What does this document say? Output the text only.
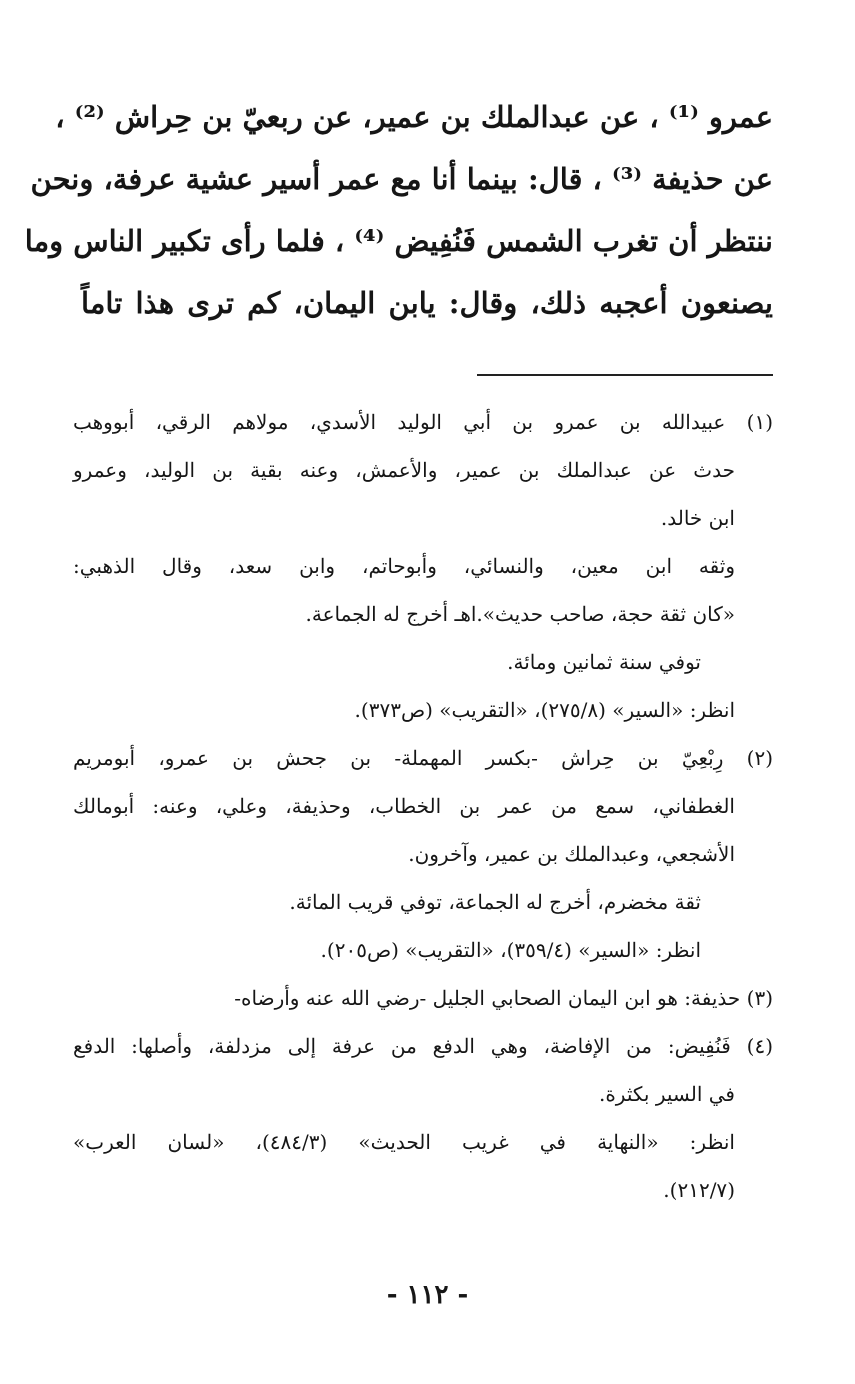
عمرو ⁽¹⁾ ، عن عبدالملك بن عمير، عن ربعيّ بن حِراش ⁽²⁾ ،
عن حذيفة ⁽³⁾ ، قال: بينما أنا مع عمر أسير عشية عرفة، ونحن
ننتظر أن تغرب الشمس فَنُفِيض ⁽⁴⁾ ، فلما رأى تكبير الناس وما
يصنعون أعجبه ذلك، وقال: يابن اليمان، كم ترى هذا تاماً
(١) عبيدالله بن عمرو بن أبي الوليد الأسدي، مولاهم الرقي، أبووهب
حدث عن عبدالملك بن عمير، والأعمش، وعنه بقية بن الوليد، وعمرو
ابن خالد.
وثقه ابن معين، والنسائي، وأبوحاتم، وابن سعد، وقال الذهبي:
«كان ثقة حجة، صاحب حديث».اهـ أخرج له الجماعة.
توفي سنة ثمانين ومائة.
انظر: «السير» (٢٧٥/٨)، «التقريب» (ص٣٧٣).
(٢) رِبْعِيّ بن حِراش -بكسر المهملة- بن جحش بن عمرو، أبومريم
الغطفاني، سمع من عمر بن الخطاب، وحذيفة، وعلي، وعنه: أبومالك
الأشجعي، وعبدالملك بن عمير، وآخرون.
ثقة مخضرم، أخرج له الجماعة، توفي قريب المائة.
انظر: «السير» (٣٥٩/٤)، «التقريب» (ص٢٠٥).
(٣) حذيفة: هو ابن اليمان الصحابي الجليل -رضي الله عنه وأرضاه-
(٤) فَنُفِيض: من الإفاضة، وهي الدفع من عرفة إلى مزدلفة، وأصلها: الدفع
في السير بكثرة.
انظر: «النهاية في غريب الحديث» (٤٨٤/٣)، «لسان العرب»
(٢١٢/٧).
- ١١٢ -
